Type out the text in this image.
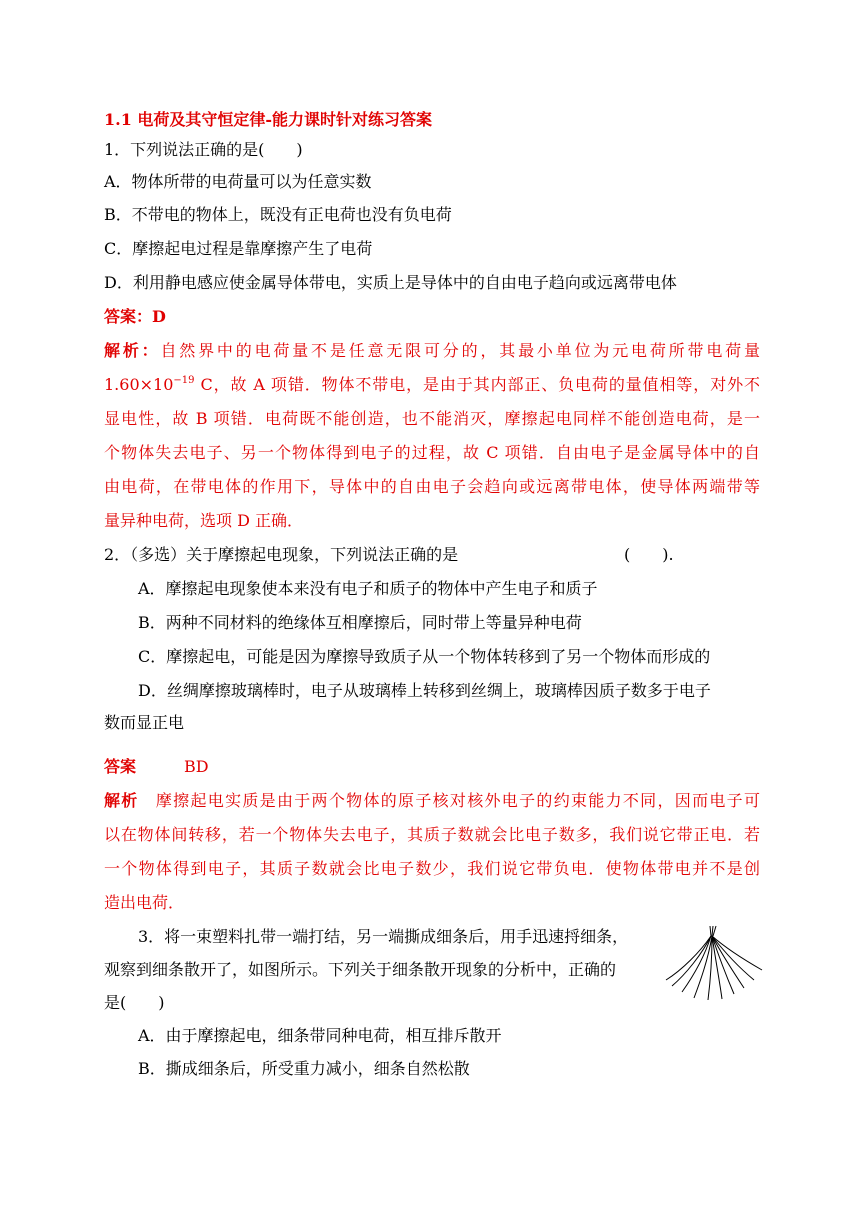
1.1 电荷及其守恒定律-能力课时针对练习答案
1．下列说法正确的是(　　)
A．物体所带的电荷量可以为任意实数
B．不带电的物体上，既没有正电荷也没有负电荷
C．摩擦起电过程是靠摩擦产生了电荷
D．利用静电感应使金属导体带电，实质上是导体中的自由电子趋向或远离带电体
答案：D
解析：自然界中的电荷量不是任意无限可分的，其最小单位为元电荷所带电荷量
$1.60\times 10^{-19}$ C，故 A 项错．物体不带电，是由于其内部正、负电荷的量值相等，对外不
显电性，故 B 项错．电荷既不能创造，也不能消灭，摩擦起电同样不能创造电荷，是一
个物体失去电子、另一个物体得到电子的过程，故 C 项错．自由电子是金属导体中的自
由电荷，在带电体的作用下，导体中的自由电子会趋向或远离带电体，使导体两端带等
量异种电荷，选项 D 正确．
2．（多选）关于摩擦起电现象，下列说法正确的是	(　　).
A．摩擦起电现象使本来没有电子和质子的物体中产生电子和质子
B．两种不同材料的绝缘体互相摩擦后，同时带上等量异种电荷
C．摩擦起电，可能是因为摩擦导致质子从一个物体转移到了另一个物体而形成的
D．丝绸摩擦玻璃棒时，电子从玻璃棒上转移到丝绸上，玻璃棒因质子数多于电子
数而显正电
答案	BD
解析　 摩擦起电实质是由于两个物体的原子核对核外电子的约束能力不同，因而电子可
以在物体间转移，若一个物体失去电子，其质子数就会比电子数多，我们说它带正电．若
一个物体得到电子，其质子数就会比电子数少，我们说它带负电．使物体带电并不是创
造出电荷．
3．将一束塑料扎带一端打结，另一端撕成细条后，用手迅速捋细条，
观察到细条散开了，如图所示。下列关于细条散开现象的分析中，正确的
是(　　)
A．由于摩擦起电，细条带同种电荷，相互排斥散开
B．撕成细条后，所受重力减小，细条自然松散
